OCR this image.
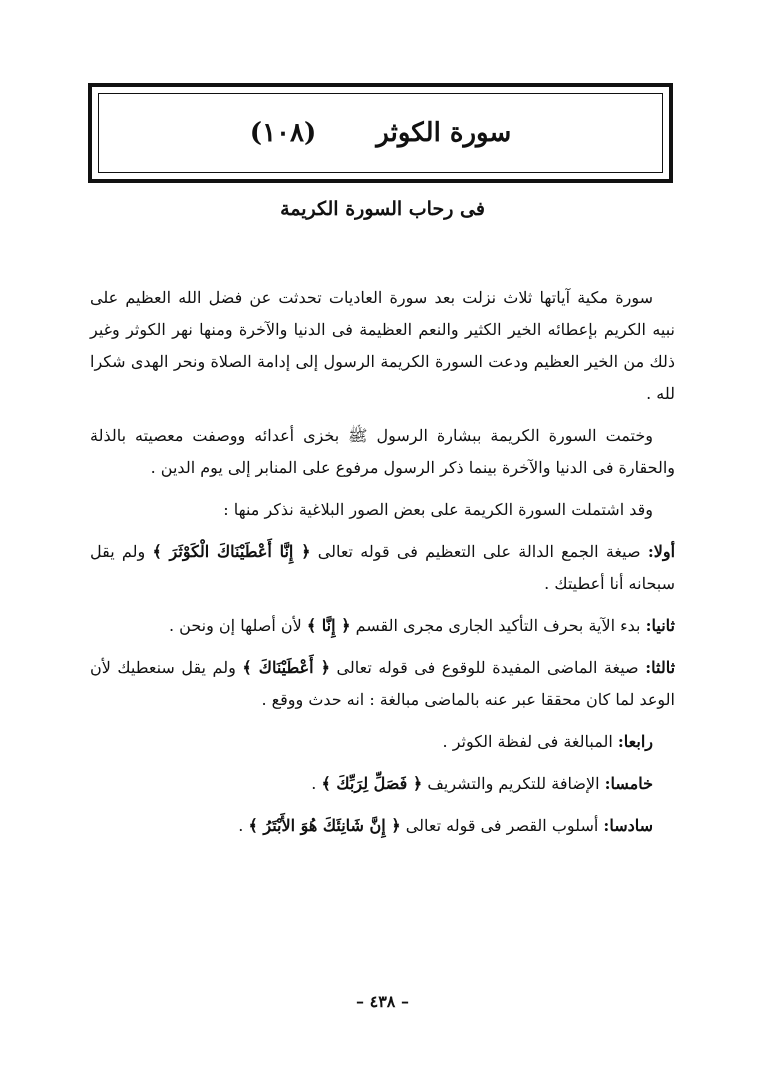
سورة الكوثر
(١٠٨)
فى رحاب السورة الكريمة

سورة مكية آياتها ثلاث نزلت بعد سورة العاديات تحدثت عن فضل الله العظيم على نبيه الكريم بإعطائه الخير الكثير والنعم العظيمة فى الدنيا والآخرة ومنها نهر الكوثر وغير ذلك من الخير العظيم ودعت السورة الكريمة الرسول إلى إدامة الصلاة ونحر الهدى شكرا لله .

وختمت السورة الكريمة ببشارة الرسول ﷺ بخزى أعدائه ووصفت معصيته بالذلة والحقارة فى الدنيا والآخرة بينما ذكر الرسول مرفوع على المنابر إلى يوم الدين .

وقد اشتملت السورة الكريمة على بعض الصور البلاغية نذكر منها :

أولا: صيغة الجمع الدالة على التعظيم فى قوله تعالى ﴿ إِنَّا أَعْطَيْنَاكَ الْكَوْثَرَ ﴾ ولم يقل سبحانه أنا أعطيتك .

ثانيا: بدء الآية بحرف التأكيد الجارى مجرى القسم ﴿ إِنَّا ﴾ لأن أصلها إن ونحن .

ثالثا: صيغة الماضى المفيدة للوقوع فى قوله تعالى ﴿ أَعْطَيْنَاكَ ﴾ ولم يقل سنعطيك لأن الوعد لما كان محققا عبر عنه بالماضى مبالغة : انه حدث ووقع .

رابعا: المبالغة فى لفظة الكوثر .

خامسا: الإضافة للتكريم والتشريف ﴿ فَصَلِّ لِرَبِّكَ ﴾ .

سادسا: أسلوب القصر فى قوله تعالى ﴿ إِنَّ شَانِئَكَ هُوَ الأَبْتَرُ ﴾ .

– ٤٣٨ –
